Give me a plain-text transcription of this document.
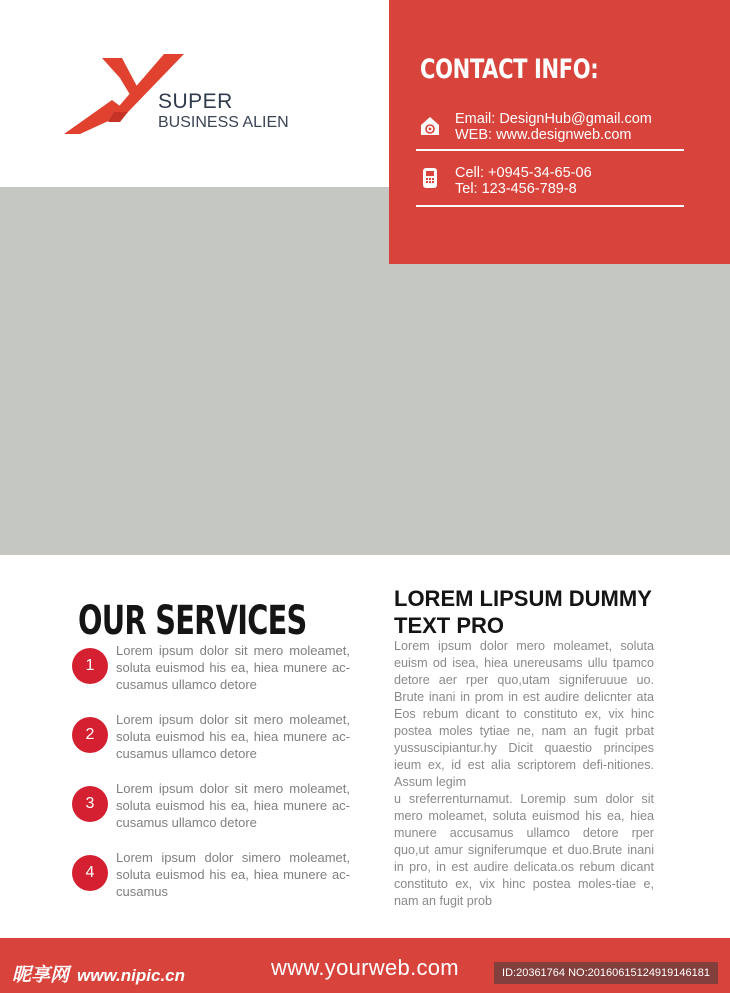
SUPER
BUSINESS ALIEN
CONTACT INFO:
Email: DesignHub@gmail.com
WEB: www.designweb.com
Cell: +0945-34-65-06
Tel: 123-456-789-8
OUR SERVICES
1
Lorem ipsum dolor sit mero moleamet, soluta euismod his ea, hiea munere ac-cusamus ullamco detore
2
Lorem ipsum dolor sit mero moleamet, soluta euismod his ea, hiea munere ac-cusamus ullamco detore
3
Lorem ipsum dolor sit mero moleamet, soluta euismod his ea, hiea munere ac-cusamus ullamco detore
4
Lorem ipsum dolor simero moleamet, soluta euismod his ea, hiea munere ac-cusamus
LOREM LIPSUM DUMMY TEXT PRO

Lorem ipsum dolor mero moleamet, soluta euism od isea, hiea unereusams ullu tpamco detore aer rper quo,utam signiferuuue uo. Brute inani in prom in est audire delicnter ata Eos rebum dicant to constituto ex, vix hinc postea moles tytiae ne, nam an fugit prbat yussuscipiantur.hy Dicit quaestio principes ieum ex, id est alia scriptorem defi-nitiones. Assum legim

u sreferrenturnamut. Loremip sum dolor sit mero moleamet, soluta euismod his ea, hiea munere accusamus ullamco detore rper quo,ut amur signiferumque et duo.Brute inani in pro, in est audire delicata.os rebum dicant constituto ex, vix hinc postea moles-tiae e, nam an fugit prob

昵享网 www.nipic.cn	www.yourweb.com	ID:20361764 NO:20160615124919146181
